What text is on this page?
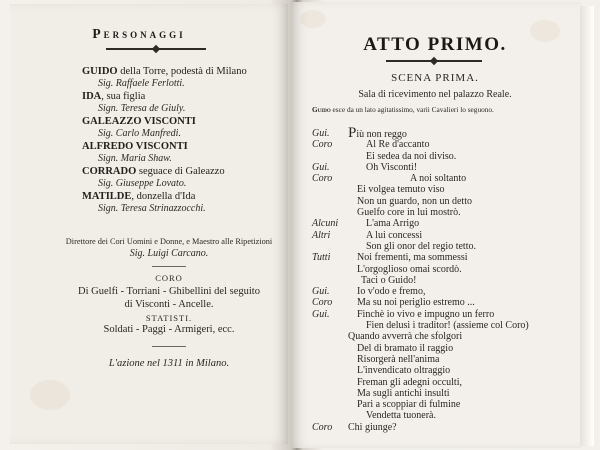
Personaggi
GUIDO della Torre, podestà di Milano
Sig. Raffaele Ferlotti.
IDA, sua figlia
Sign. Teresa de Giuly.
GALEAZZO VISCONTI
Sig. Carlo Manfredi.
ALFREDO VISCONTI
Sign. Maria Shaw.
CORRADO seguace di Galeazzo
Sig. Giuseppe Lovato.
MATILDE, donzella d'Ida
Sign. Teresa Strinazzocchi.
Direttore dei Cori Uomini e Donne, e Maestro alle Ripetizioni
Sig. Luigi Carcano.
CORO
Di Guelfi - Torriani - Ghibellini del seguito
di Visconti - Ancelle.
STATISTI.
Soldati - Paggi - Armigeri, ecc.
L'azione nel 1311 in Milano.
ATTO PRIMO.
SCENA PRIMA.
Sala di ricevimento nel palazzo Reale.
Guido esce da un lato agitatissimo, varii Cavalieri lo seguono.
Gui. Più non reggo
Coro	Al Re d'accanto
Ei sedea da noi diviso.
Gui.	Oh Visconti!
Coro	A noi soltanto
Ei volgea temuto viso
Non un guardo, non un detto
Guelfo core in lui mostrò.
Alcuni	L'ama Arrigo
Altri	A lui concessi
Son gli onor del regio tetto.
Tutti	Noi frementi, ma sommessi
L'orgoglioso omai scordò.
Taci o Guido!
Gui.	Io v'odo e fremo,
Coro Ma su noi periglio estremo ...
Gui.	Finchè io vivo e impugno un ferro
Fien delusi i traditor! (assieme col Coro)
Quando avverrà che sfolgori
Del di bramato il raggio
Risorgerà nell'anima
L'invendicato oltraggio
Freman gli adegni occulti,
Ma sugli antichi insulti
Pari a scoppiar di fulmine
Vendetta tuonerà.
Coro Chi giunge?
